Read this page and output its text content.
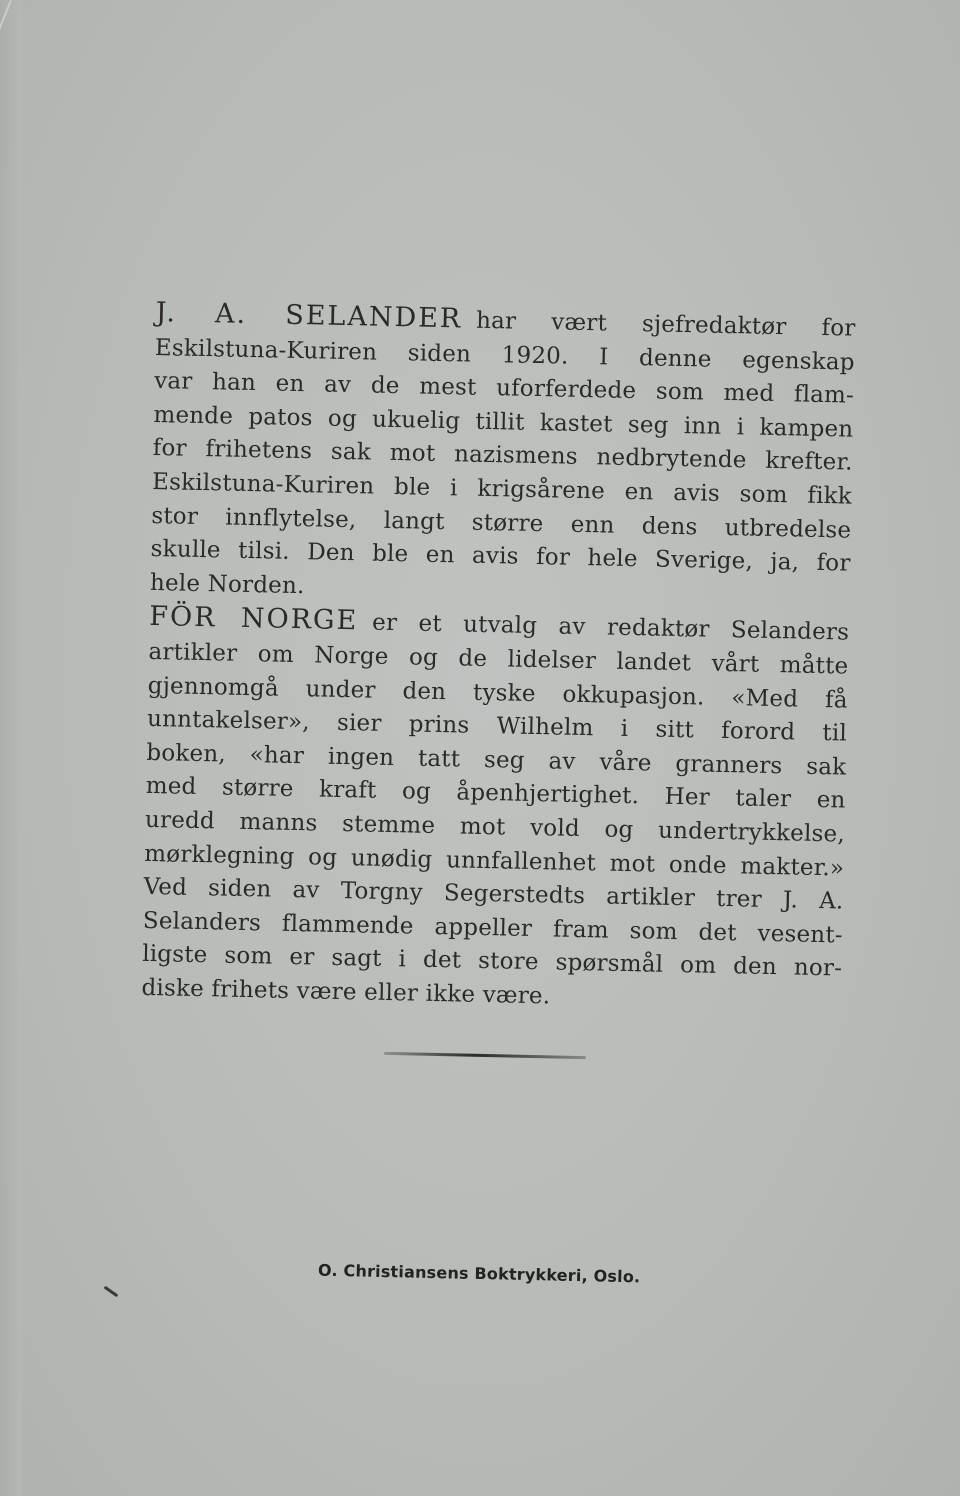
J. A. SELANDER har vært sjefredaktør for
Eskilstuna-Kuriren siden 1920. I denne egenskap
var han en av de mest uforferdede som med flam-
mende patos og ukuelig tillit kastet seg inn i kampen
for frihetens sak mot nazismens nedbrytende krefter.
Eskilstuna-Kuriren ble i krigsårene en avis som fikk
stor innflytelse, langt større enn dens utbredelse
skulle tilsi. Den ble en avis for hele Sverige, ja, for
hele Norden.
FÖR NORGE er et utvalg av redaktør Selanders
artikler om Norge og de lidelser landet vårt måtte
gjennomgå under den tyske okkupasjon. «Med få
unntakelser», sier prins Wilhelm i sitt forord til
boken, «har ingen tatt seg av våre granners sak
med større kraft og åpenhjertighet. Her taler en
uredd manns stemme mot vold og undertrykkelse,
mørklegning og unødig unnfallenhet mot onde makter.»
Ved siden av Torgny Segerstedts artikler trer J. A.
Selanders flammende appeller fram som det vesent-
ligste som er sagt i det store spørsmål om den nor-
diske frihets være eller ikke være.
O. Christiansens Boktrykkeri, Oslo.
